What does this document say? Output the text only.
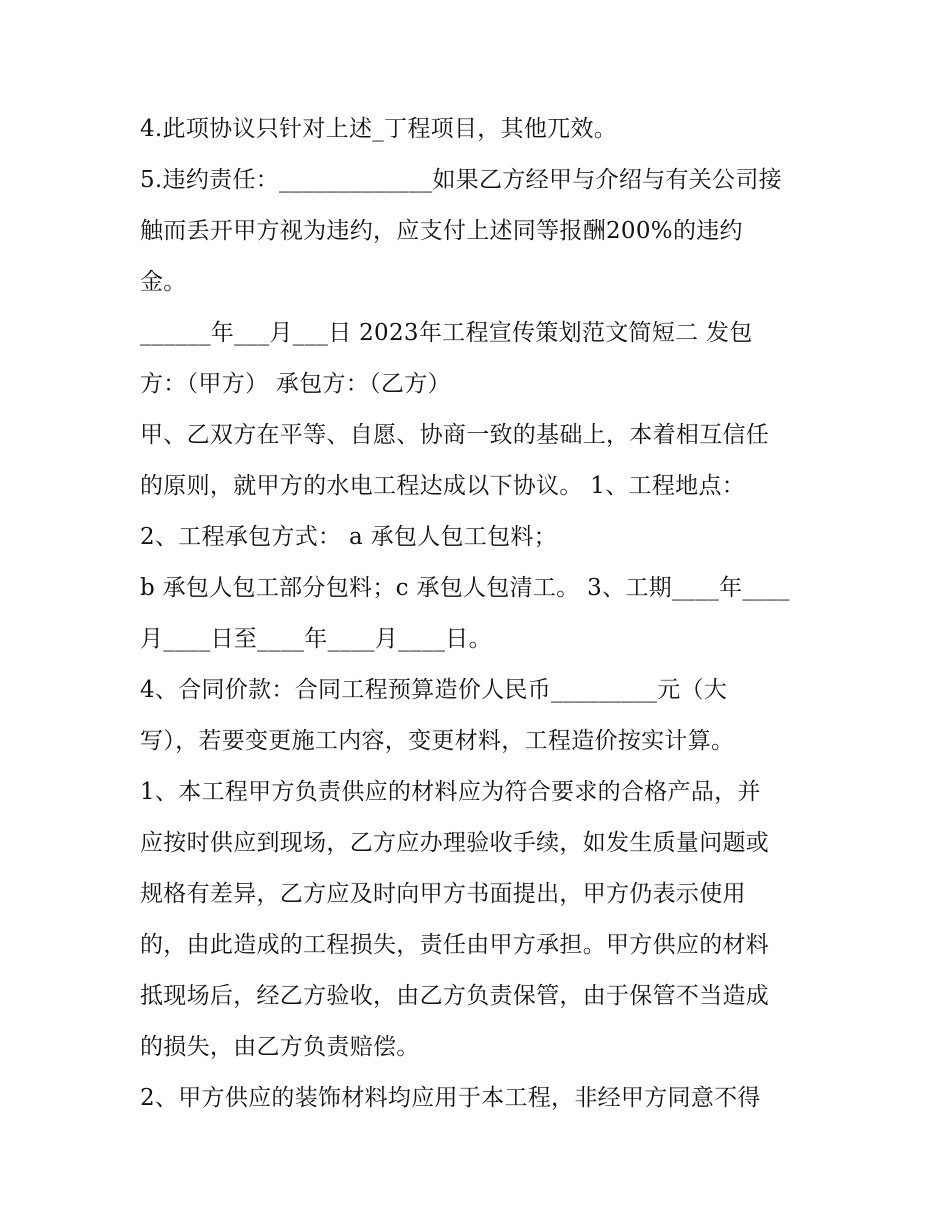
4.此项协议只针对上述_丁程项目，其他兀效。
5.违约责任：_____________如果乙方经甲与介绍与有关公司接
触而丢开甲方视为违约，应支付上述同等报酬200%的违约
金。
______年___月___日 2023年工程宣传策划范文简短二 发包
方：（甲方） 承包方：（乙方）
甲、乙双方在平等、自愿、协商一致的基础上，本着相互信任
的原则，就甲方的水电工程达成以下协议。 1、工程地点：
2、工程承包方式： a 承包人包工包料；
b 承包人包工部分包料；c 承包人包清工。 3、工期____年____
月____日至____年____月____日。
4、合同价款：合同工程预算造价人民币_________元（大
写），若要变更施工内容，变更材料，工程造价按实计算。
1、本工程甲方负责供应的材料应为符合要求的合格产品，并
应按时供应到现场，乙方应办理验收手续，如发生质量问题或
规格有差异，乙方应及时向甲方书面提出，甲方仍表示使用
的，由此造成的工程损失，责任由甲方承担。甲方供应的材料
抵现场后，经乙方验收，由乙方负责保管，由于保管不当造成
的损失，由乙方负责赔偿。
2、甲方供应的装饰材料均应用于本工程，非经甲方同意不得
